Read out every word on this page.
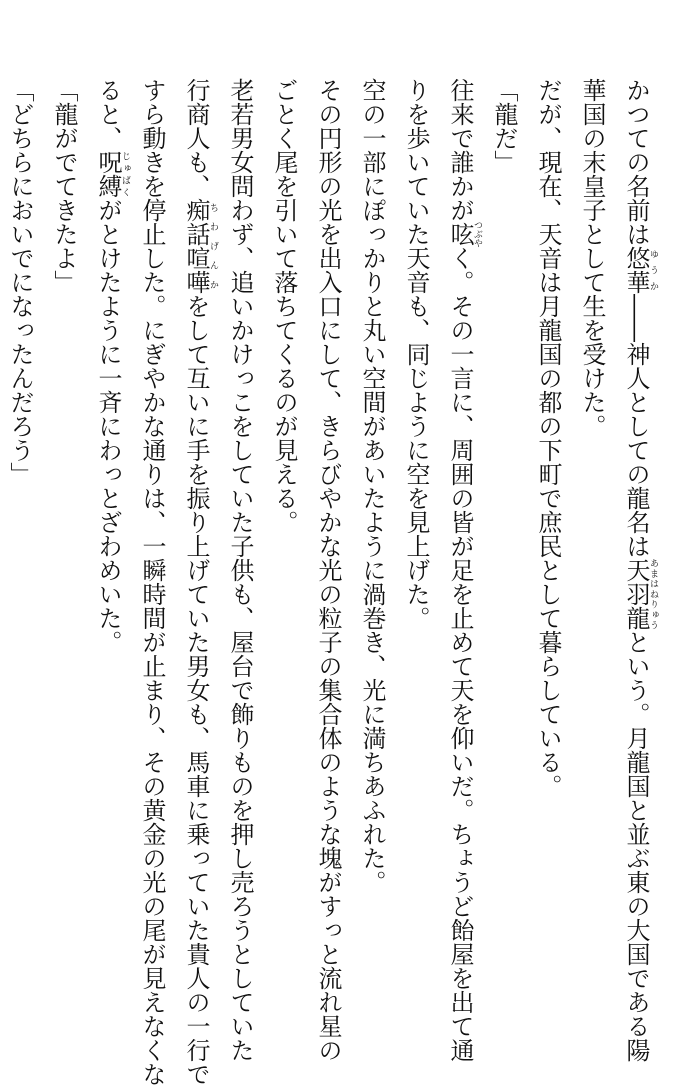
かつての名前は悠華ゆうか――神人としての龍名は天羽龍あまはねりゅうという。月龍国と並ぶ東の大国である陽
華国の末皇子として生を受けた。
だが、現在、天音は月龍国の都の下町で庶民として暮らしている。
「龍だ」
往来で誰かが呟つぶやく。その一言に、周囲の皆が足を止めて天を仰いだ。ちょうど飴屋を出て通
りを歩いていた天音も、同じように空を見上げた。
空の一部にぽっかりと丸い空間があいたように渦巻き、光に満ちあふれた。
その円形の光を出入口にして、きらびやかな光の粒子の集合体のような塊がすっと流れ星の
ごとく尾を引いて落ちてくるのが見える。
老若男女問わず、追いかけっこをしていた子供も、屋台で飾りものを押し売ろうとしていた
行商人も、痴話喧嘩ちわげんかをして互いに手を振り上げていた男女も、馬車に乗っていた貴人の一行で
すら動きを停止した。にぎやかな通りは、一瞬時間が止まり、その黄金の光の尾が見えなくな
ると、呪縛じゅばくがとけたように一斉にわっとざわめいた。
「龍がでてきたよ」
「どちらにおいでになったんだろう」
